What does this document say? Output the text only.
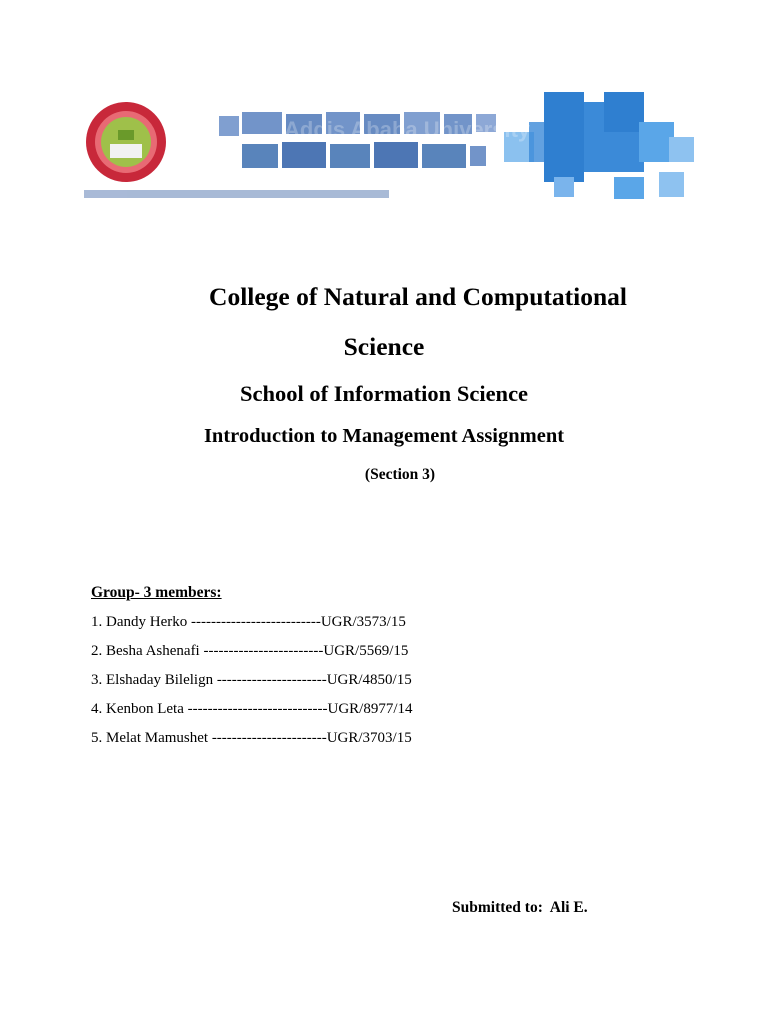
Addis Ababa University
College of Natural and Computational
Science
School of Information Science
Introduction to Management Assignment
(Section 3)
Group- 3 members:
1. Dandy Herko --------------------------UGR/3573/15
2. Besha Ashenafi ------------------------UGR/5569/15
3. Elshaday Bilelign ----------------------UGR/4850/15
4. Kenbon Leta ----------------------------UGR/8977/14
5. Melat Mamushet -----------------------UGR/3703/15
Submitted to:  Ali E.
